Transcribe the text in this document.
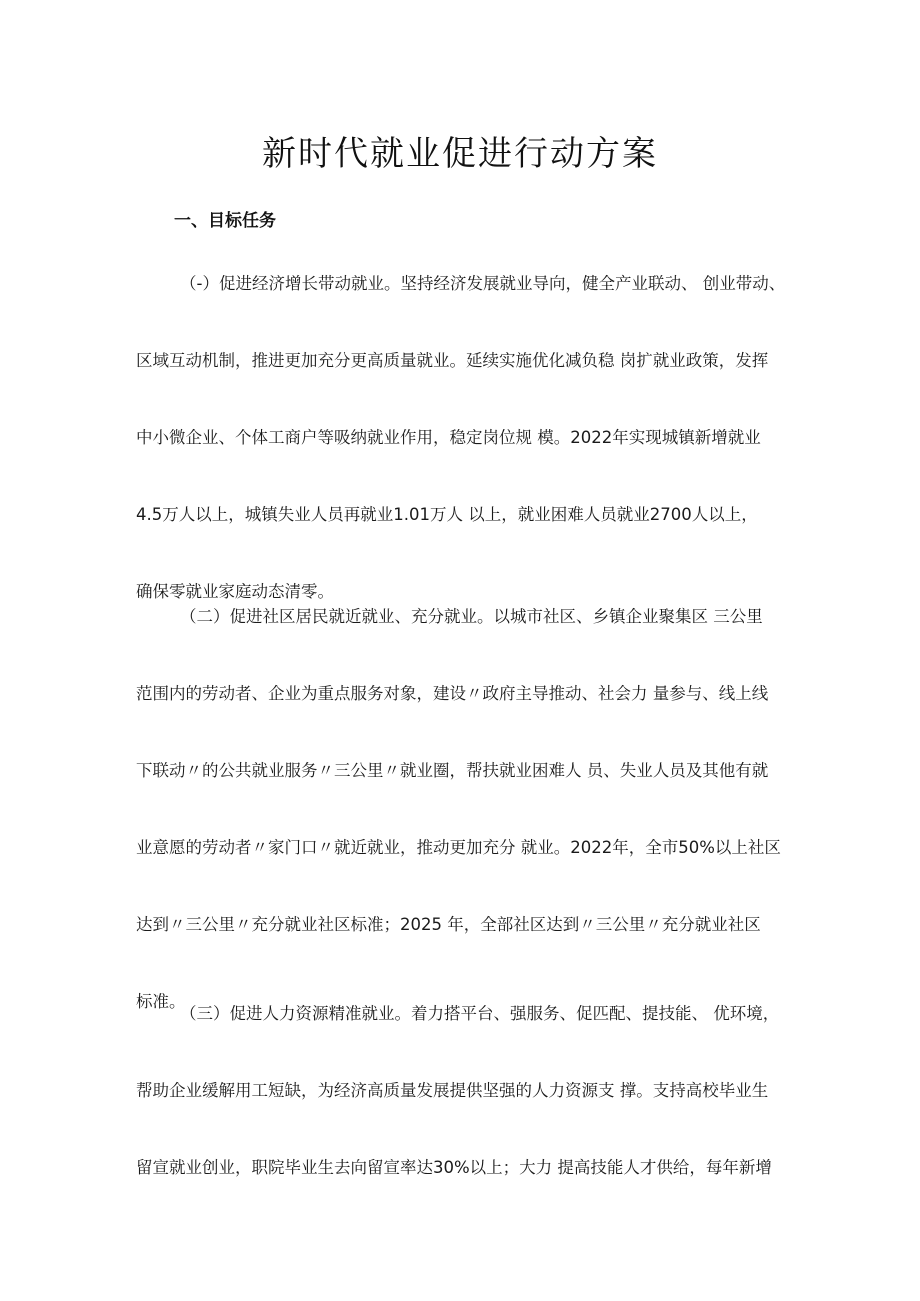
新时代就业促进行动方案
一、目标任务
（-）促进经济增长带动就业。坚持经济发展就业导向，健全产业联动、 创业带动、
区域互动机制，推进更加充分更高质量就业。延续实施优化减负稳 岗扩就业政策，发挥
中小微企业、个体工商户等吸纳就业作用，稳定岗位规 模。2022年实现城镇新增就业
4.5万人以上，城镇失业人员再就业1.01万人 以上，就业困难人员就业2700人以上，
确保零就业家庭动态清零。
（二）促进社区居民就近就业、充分就业。以城市社区、乡镇企业聚集区 三公里
范围内的劳动者、企业为重点服务对象，建设〃政府主导推动、社会力 量参与、线上线
下联动〃的公共就业服务〃三公里〃就业圈，帮扶就业困难人 员、失业人员及其他有就
业意愿的劳动者〃家门口〃就近就业，推动更加充分 就业。2022年，全市50%以上社区
达到〃三公里〃充分就业社区标准；2025 年，全部社区达到〃三公里〃充分就业社区
标准。
（三）促进人力资源精准就业。着力搭平台、强服务、促匹配、提技能、 优环境，
帮助企业缓解用工短缺，为经济高质量发展提供坚强的人力资源支 撑。支持高校毕业生
留宣就业创业，职院毕业生去向留宣率达30%以上；大力 提高技能人才供给，每年新增
